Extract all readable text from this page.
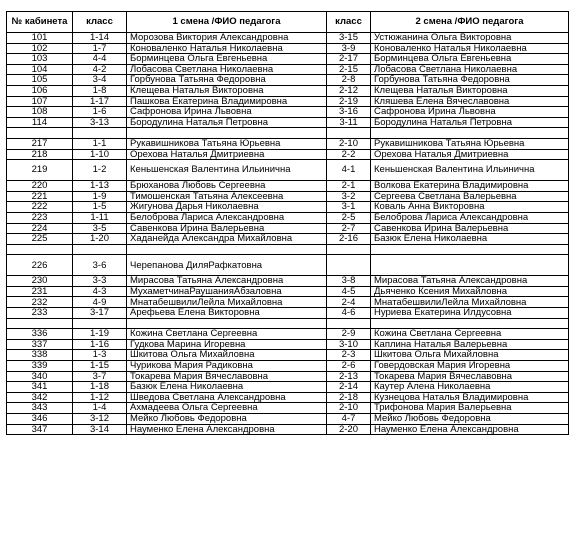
№ кабинета	класс	1 смена /ФИО педагога	класс	2 смена /ФИО педагога
101	1-14	Морозова Виктория Александровна	3-15	Устюжанина Ольга Викторовна
102	1-7	Коноваленко Наталья Николаевна	3-9	Коноваленко Наталья Николаевна
103	4-4	Борминцева Ольга Евгеньевна	2-17	Борминцева Ольга Евгеньевна
104	4-2	Лобасова Светлана Николаевна	2-15	Лобасова Светлана Николаевна
105	3-4	Горбунова Татьяна Федоровна	2-8	Горбунова Татьяна Федоровна
106	1-8	Клещева Наталья Викторовна	2-12	Клещева Наталья Викторовна
107	1-17	Пашкова Екатерина Владимировна	2-19	Кляшева Елена Вячеславовна
108	1-6	Сафронова Ирина Львовна	3-16	Сафронова Ирина Львовна
114	3-13	Бородулина Наталья Петровна	3-11	Бородулина Наталья Петровна

217	1-1	Рукавишникова Татьяна Юрьевна	2-10	Рукавишникова Татьяна Юрьевна
218	1-10	Орехова Наталья Дмитриевна	2-2	Орехова Наталья Дмитриевна
219	1-2	Кеньшенская Валентина Ильинична	4-1	Кеньшенская Валентина Ильинична
220	1-13	Брюханова Любовь Сергеевна	2-1	Волкова Екатерина Владимировна
221	1-9	Тимошенская Татьяна Алексеевна	3-2	Сергеева Светлана Валерьевна
222	1-5	Жигунова Дарья Николаевна	3-1	Коваль Анна Викторовна
223	1-11	Белоброва Лариса Александровна	2-5	Белоброва Лариса Александровна
224	3-5	Савенкова Ирина Валерьевна	2-7	Савенкова Ирина Валерьевна
225	1-20	Хаданейда Александра Михайловна	2-16	Базюк Елена Николаевна

226	3-6	Черепанова ДиляРафкатовна		
230	3-3	Мирасова Татьяна Александровна	3-8	Мирасова Татьяна Александровна
231	4-3	МухаметчинаРаушанияАбзаловна	4-5	Дьяченко Ксения Михайловна
232	4-9	МнатабешвилиЛейла Михайловна	2-4	МнатабешвилиЛейла Михайловна
233	3-17	Арефьева Елена Викторовна	4-6	Нуриева Екатерина Илдусовна

336	1-19	Кожина Светлана Сергеевна	2-9	Кожина Светлана Сергеевна
337	1-16	Гудкова Марина Игоревна	3-10	Каплина Наталья Валерьевна
338	1-3	Шкитова Ольга Михайловна	2-3	Шкитова Ольга Михайловна
339	1-15	Чурикова Мария Радиковна	2-6	Говердовская Мария Игоревна
340	3-7	Токарева Мария Вячеславовна	2-13	Токарева Мария Вячеславовна
341	1-18	Базюк Елена Николаевна	2-14	Каутер Алена Николаевна
342	1-12	Шведова Светлана Александровна	2-18	Кузнецова Наталья Владимировна
343	1-4	Ахмадеева Ольга Сергеевна	2-10	Трифонова Мария Валерьевна
346	3-12	Мейко Любовь Федоровна	4-7	Мейко Любовь Федоровна
347	3-14	Науменко Елена Александровна	2-20	Науменко Елена Александровна
